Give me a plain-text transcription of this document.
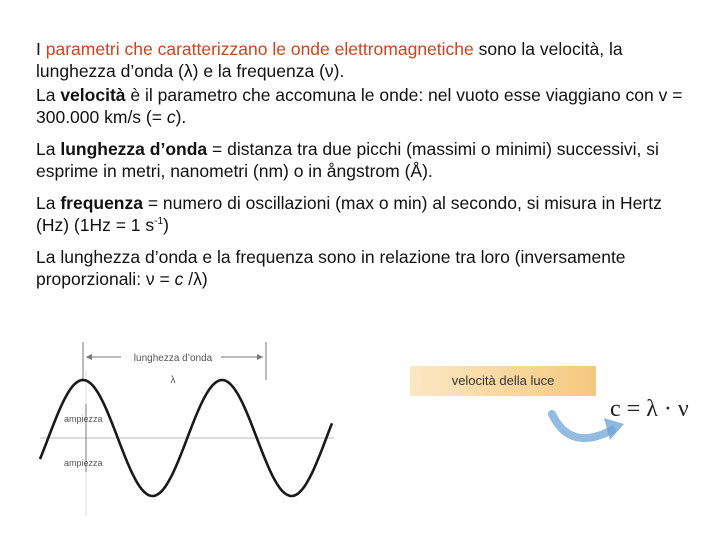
I parametri che caratterizzano le onde elettromagnetiche sono la velocità, la lunghezza d’onda (λ) e la frequenza (ν).

La velocità è il parametro che accomuna le onde: nel vuoto esse viaggiano con v = 300.000 km/s (= c).

La lunghezza d’onda = distanza tra due picchi (massimi o minimi) successivi, si esprime in metri, nanometri (nm) o in ångstrom (Å).

La frequenza = numero di oscillazioni (max o min) al secondo, si misura in Hertz (Hz) (1Hz = 1 $s^{-1}$)

La lunghezza d’onda e la frequenza sono in relazione tra loro (inversamente proporzionali: ν = c /λ)

lunghezza d’onda
λ
ampiezza
ampiezza
velocità della luce
c = λ · ν
